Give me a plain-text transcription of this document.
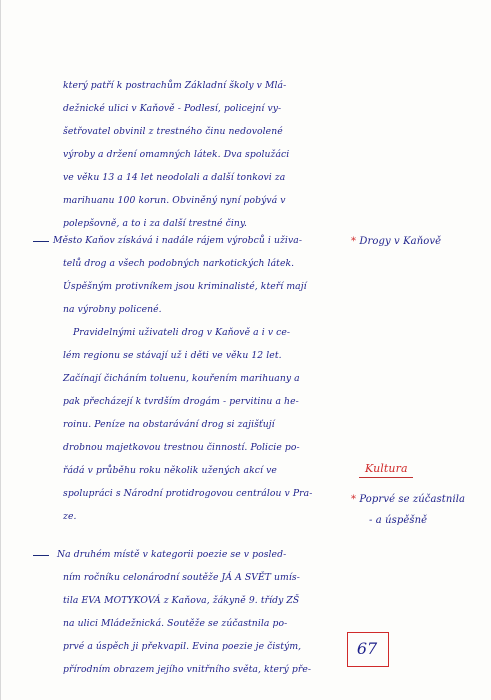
který patří k postrachům Základní školy v Mlá-
dežnické ulici v Kaňově - Podlesí, policejní vy-
šetřovatel obvinil z trestného činu nedovolené
výroby a držení omamných látek. Dva spolužáci
ve věku 13 a 14 let neodolali a další tonkovi za
marihuanu 100 korun. Obviněný nyní pobývá v
polepšovně, a to i za další trestné činy.
Město Kaňov získává i nadále rájem výrobců i uživa-
telů drog a všech podobných narkotických látek.
Úspěšným protivníkem jsou kriminalisté, kteří mají
na výrobny policené.
Pravidelnými uživateli drog v Kaňově a i v ce-
lém regionu se stávají už i děti ve věku 12 let.
Začínají čicháním toluenu, kouřením marihuany a
pak přecházejí k tvrdším drogám - pervitinu a he-
roinu. Peníze na obstarávání drog si zajišťují
drobnou majetkovou trestnou činností. Policie po-
řádá v průběhu roku několik užených akcí ve
spolupráci s Národní protidrogovou centrálou v Pra-
ze.
Na druhém místě v kategorii poezie se v posled-
ním ročníku celonárodní soutěže JÁ A SVĚT umís-
tila EVA MOTYKOVÁ z Kaňova, žákyně 9. třídy ZŠ
na ulici Mládežnická. Soutěže se zúčastnila po-
prvé a úspěch ji překvapil. Evina poezie je čistým,
přírodním obrazem jejího vnitřního světa, který pře-
* Drogy v Kaňově
Kultura
* Poprvé se zúčastnila
- a úspěšně
67
